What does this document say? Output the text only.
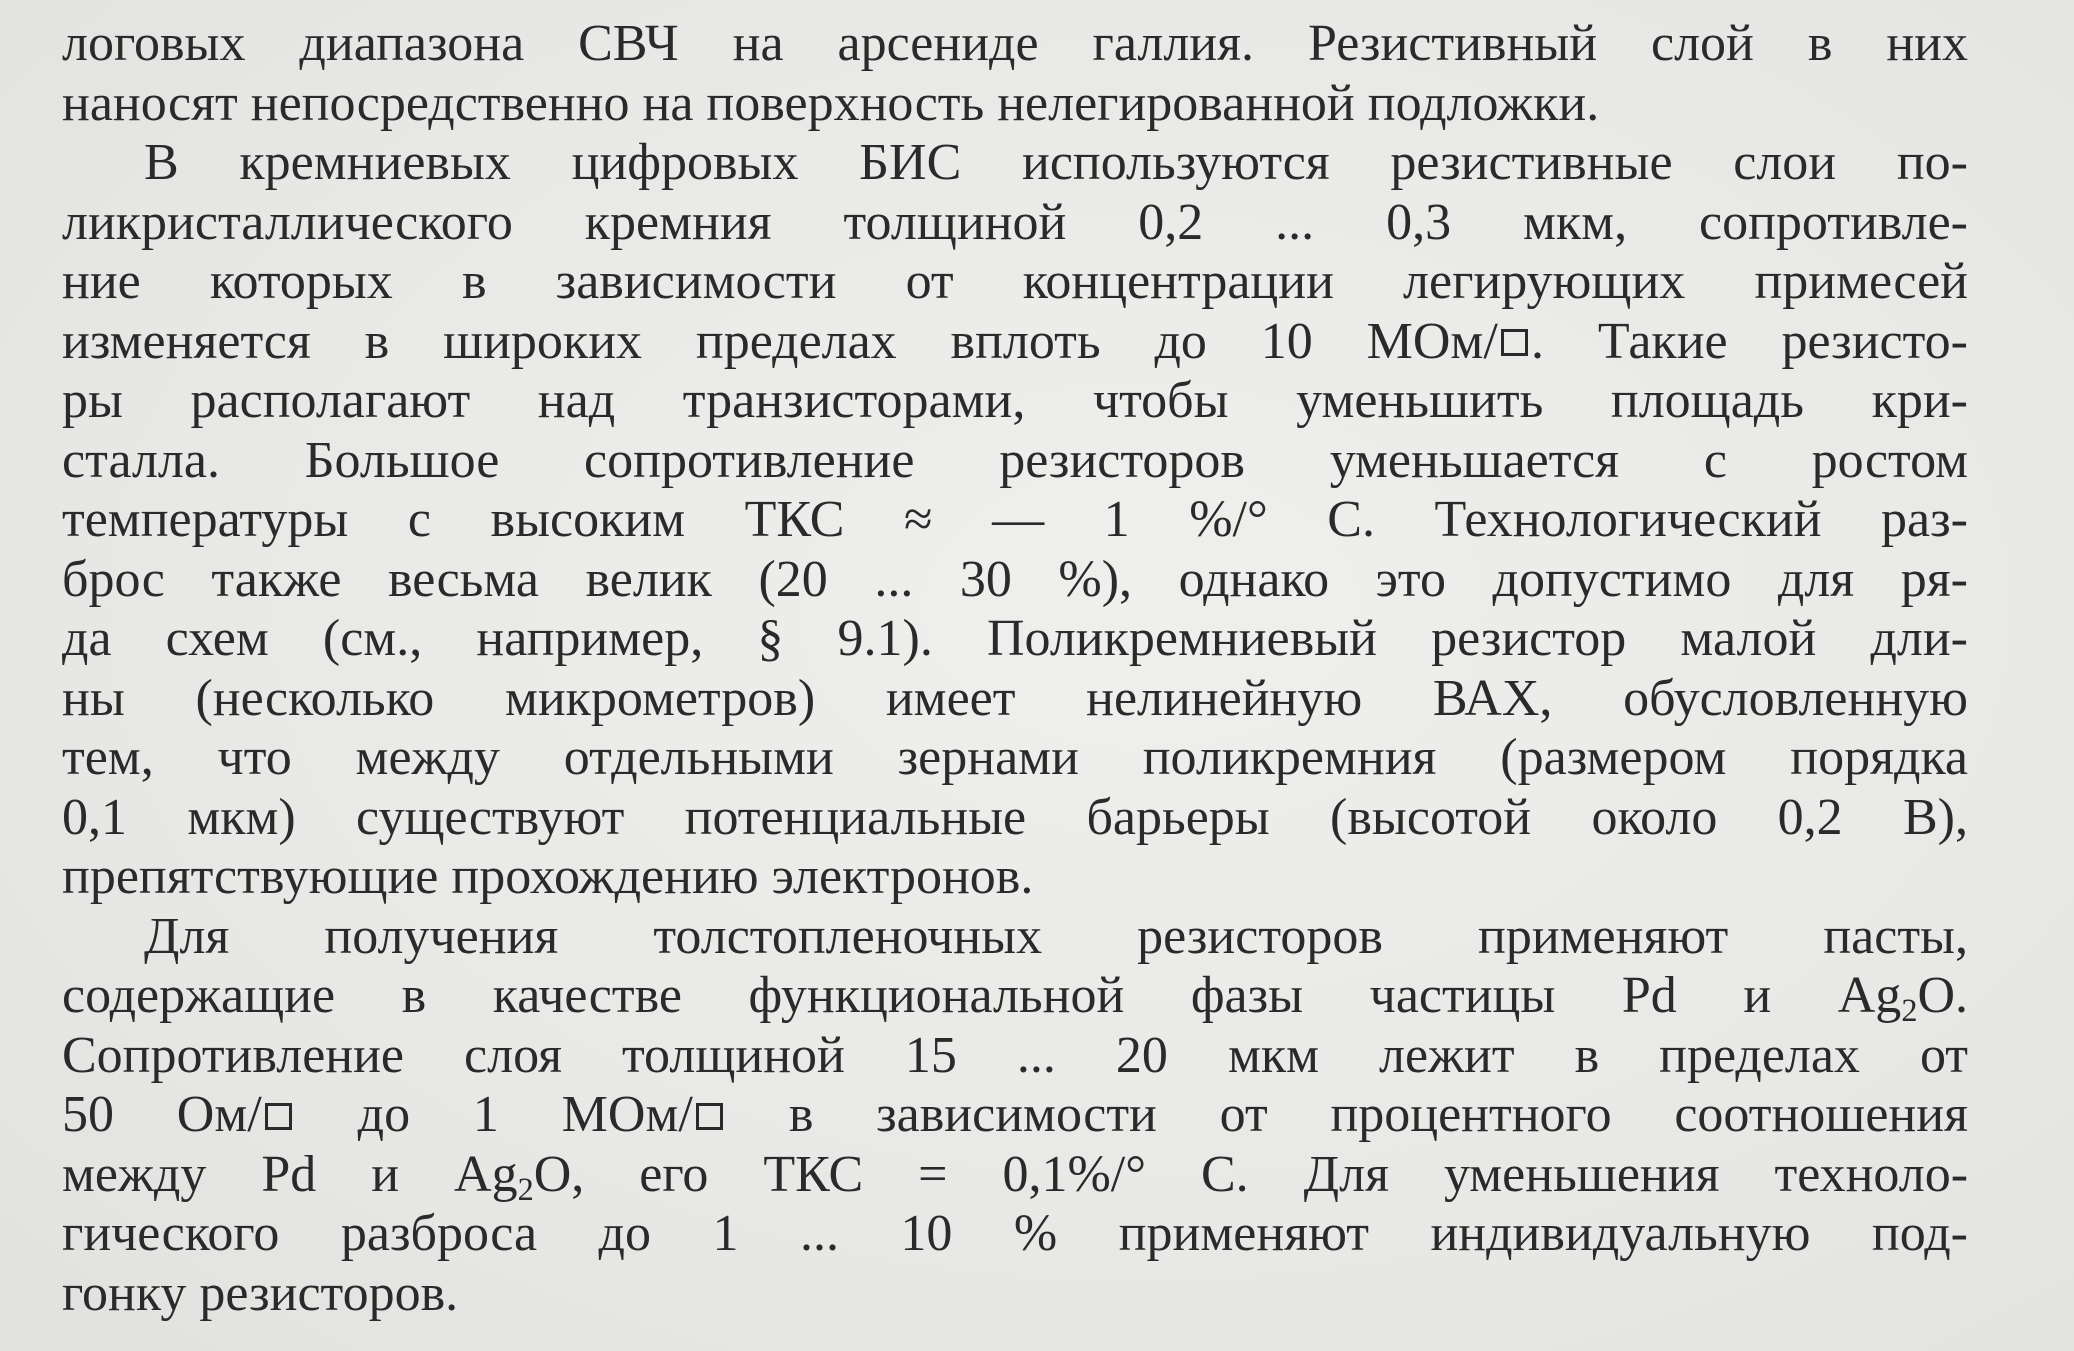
логовых диапазона СВЧ на арсениде галлия. Резистивный слой в них
наносят непосредственно на поверхность нелегированной подложки.
В кремниевых цифровых БИС используются резистивные слои по-
ликристаллического кремния толщиной 0,2 ... 0,3 мкм, сопротивле-
ние которых в зависимости от концентрации легирующих примесей
изменяется в широких пределах вплоть до 10 МОм/ . Такие резисто-
ры располагают над транзисторами, чтобы уменьшить площадь кри-
сталла. Большое сопротивление резисторов уменьшается с ростом
температуры с высоким ТКС ≈ — 1 %/° С. Технологический раз-
брос также весьма велик (20 ... 30 %), однако это допустимо для ря-
да схем (см., например, § 9.1). Поликремниевый резистор малой дли-
ны (несколько микрометров) имеет нелинейную ВАХ, обусловленную
тем, что между отдельными зернами поликремния (размером порядка
0,1 мкм) существуют потенциальные барьеры (высотой около 0,2 В),
препятствующие прохождению электронов.
Для получения толстопленочных резисторов применяют пасты,
содержащие в качестве функциональной фазы частицы Pd и $Ag_2O$.
Сопротивление слоя толщиной 15 ... 20 мкм лежит в пределах от
50 Ом/ до 1 МОм/ в зависимости от процентного соотношения
между Pd и $Ag_2O$, его ТКС = 0,1%/° С. Для уменьшения техноло-
гического разброса до 1 ... 10 % применяют индивидуальную под-
гонку резисторов.
